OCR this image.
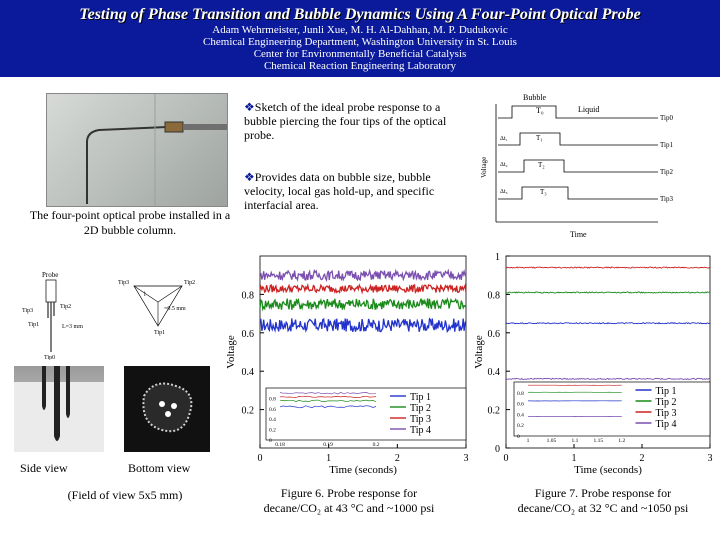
Testing of Phase Transition and Bubble Dynamics Using A Four-Point Optical Probe
Adam Wehrmeister, Junli Xue, M. H. Al-Dahhan, M. P. Dudukovic
Chemical Engineering Department, Washington University in St. Louis
Center for Environmentally Beneficial Catalysis
Chemical Reaction Engineering Laboratory
The four-point optical probe installed in a 2D bubble column.
❖Sketch of the ideal probe response to a bubble piercing the four tips of the optical probe.
❖Provides data on bubble size, bubble velocity, local gas hold-up, and specific interfacial area.
Bubble
T₀	Liquid
Voltage
Time
Tip0
Tip1
Δt₁	T₁
Tip2
Δt₂	T₂
Tip3
Δt₃	T₃
Probe
Tip3
Tip2
Tip1	L=3 mm
Tip0
Tip3	Tip2
Tip1
=0.5 mm
l
Side view	Bottom view
(Field of view 5x5 mm)
0.2
0.4
0.6
0.8
0	1	2	3
Time (seconds)
Voltage
0
0.2
0.4
0.6
0.8
0.18	0.19	0.2
Tip 1
Tip 2
Tip 3
Tip 4
Figure 6. Probe response for
decane/CO₂ at 43 °C and ~1000 psi
0
0.2
0.4
0.6
0.8
1
0	1	2	3
Time (seconds)
Voltage
0
0.2
0.4
0.6
0.8
1	1.05	1.1	1.15	1.2
Tip 1
Tip 2
Tip 3
Tip 4
Figure 7. Probe response for
decane/CO₂ at 32 °C and ~1050 psi
